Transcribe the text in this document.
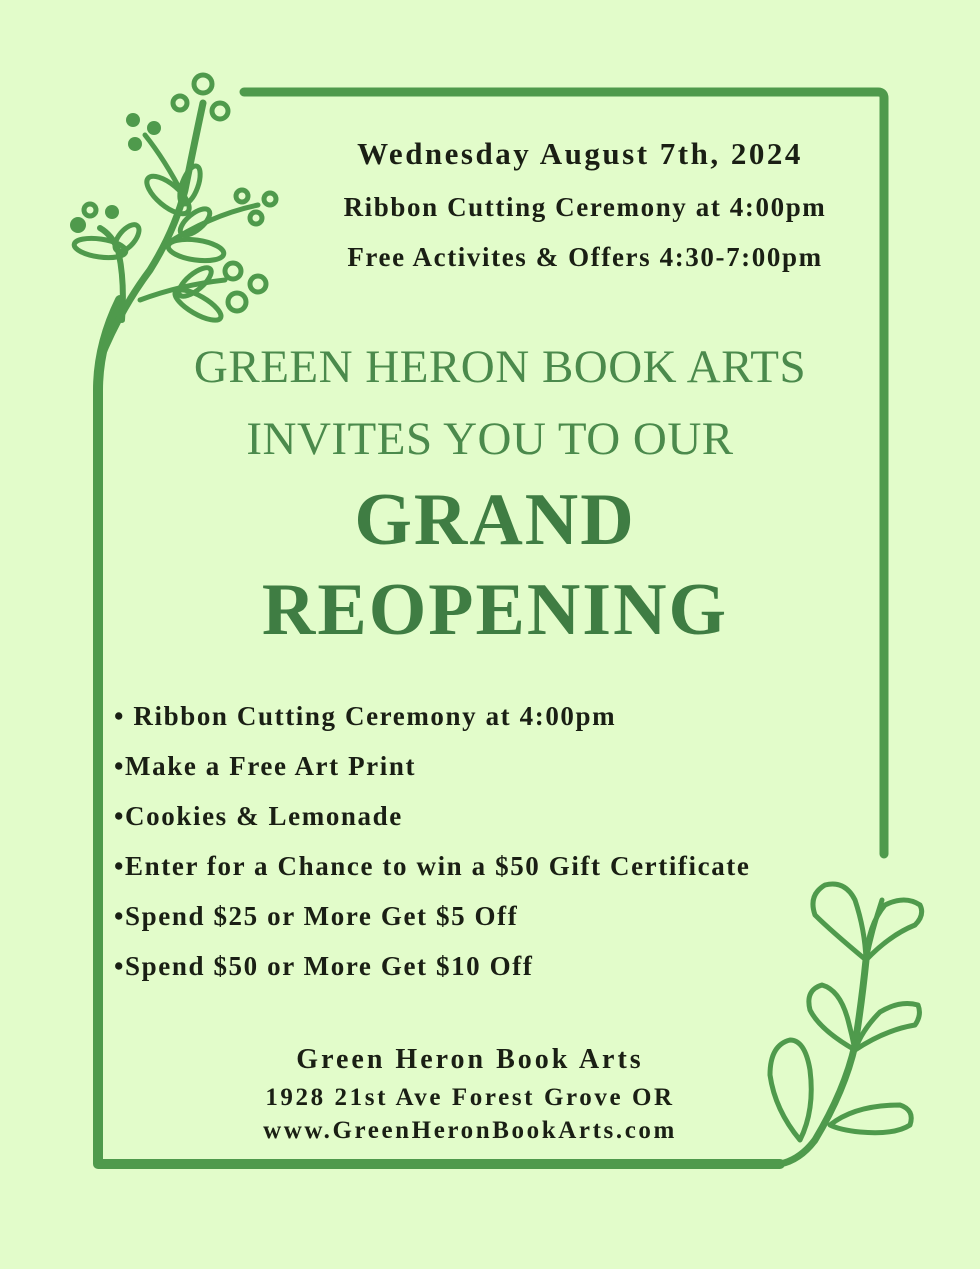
Wednesday August 7th, 2024
Ribbon Cutting Ceremony at 4:00pm
Free Activites & Offers 4:30-7:00pm
GREEN HERON BOOK ARTS
INVITES YOU TO OUR
GRAND
REOPENING
• Ribbon Cutting Ceremony at 4:00pm
•Make a Free Art Print
•Cookies & Lemonade
•Enter for a Chance to win a $50 Gift Certificate
•Spend $25 or More Get $5 Off
•Spend $50 or More Get $10 Off
Green Heron Book Arts
1928 21st Ave Forest Grove OR
www.GreenHeronBookArts.com
